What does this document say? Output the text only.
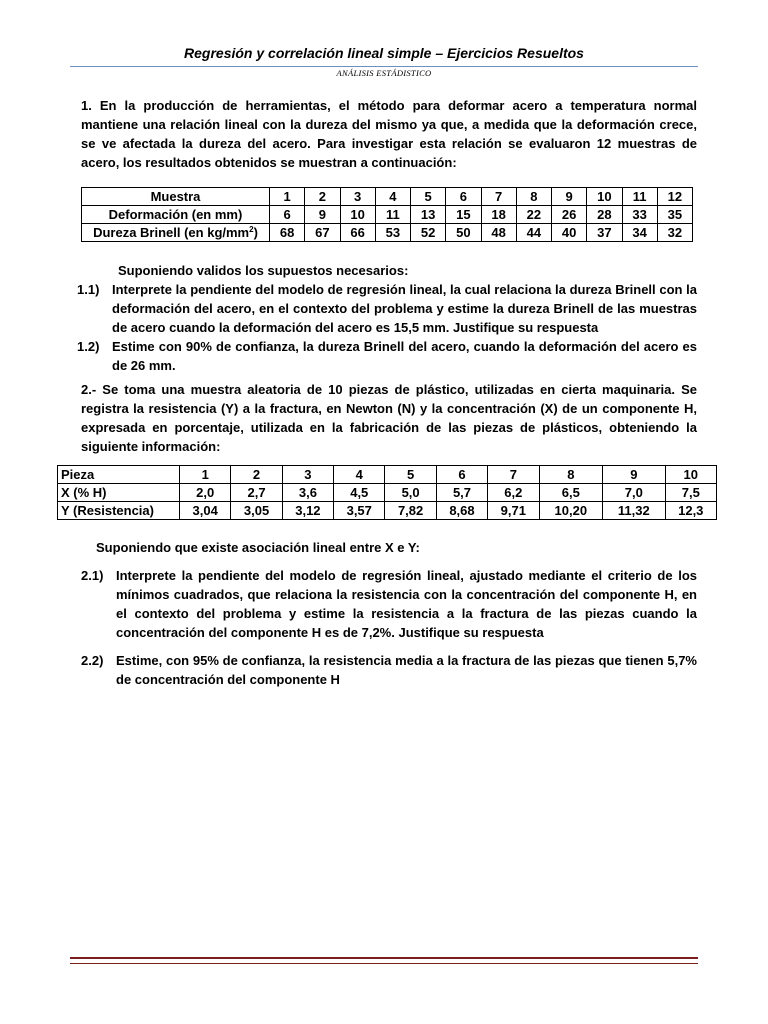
Regresión y correlación lineal simple – Ejercicios Resueltos
ANÁLISIS ESTÁDISTICO

1. En la producción de herramientas, el método para deformar acero a temperatura normal mantiene una relación lineal con la dureza del mismo ya que, a medida que la deformación crece, se ve afectada la dureza del acero. Para investigar esta relación se evaluaron 12 muestras de acero, los resultados obtenidos se muestran a continuación:

Muestra	1	2	3	4	5	6	7	8	9	10	11	12
Deformación (en mm)	6	9	10	11	13	15	18	22	26	28	33	35
Dureza Brinell (en $kg/mm^2$)	68	67	66	53	52	50	48	44	40	37	34	32

Suponiendo validos los supuestos necesarios:

1.1) Interprete la pendiente del modelo de regresión lineal, la cual relaciona la dureza Brinell con la deformación del acero, en el contexto del problema y estime la dureza Brinell de las muestras de acero cuando la deformación del acero es 15,5 mm. Justifique su respuesta
1.2) Estime con 90% de confianza, la dureza Brinell del acero, cuando la deformación del acero es de 26 mm.

2.- Se toma una muestra aleatoria de 10 piezas de plástico, utilizadas en cierta maquinaria. Se registra la resistencia (Y) a la fractura, en Newton (N) y la concentración (X) de un componente H, expresada en porcentaje, utilizada en la fabricación de las piezas de plásticos, obteniendo la siguiente información:

Pieza	1	2	3	4	5	6	7	8	9	10
X (% H)	2,0	2,7	3,6	4,5	5,0	5,7	6,2	6,5	7,0	7,5
Y (Resistencia)	3,04	3,05	3,12	3,57	7,82	8,68	9,71	10,20	11,32	12,3

Suponiendo que existe asociación lineal entre X e Y:

2.1) Interprete la pendiente del modelo de regresión lineal, ajustado mediante el criterio de los mínimos cuadrados, que relaciona la resistencia con la concentración del componente H, en el contexto del problema y estime la resistencia a la fractura de las piezas cuando la concentración del componente H es de 7,2%. Justifique su respuesta
2.2) Estime, con 95% de confianza, la resistencia media a la fractura de las piezas que tienen 5,7% de concentración del componente H
